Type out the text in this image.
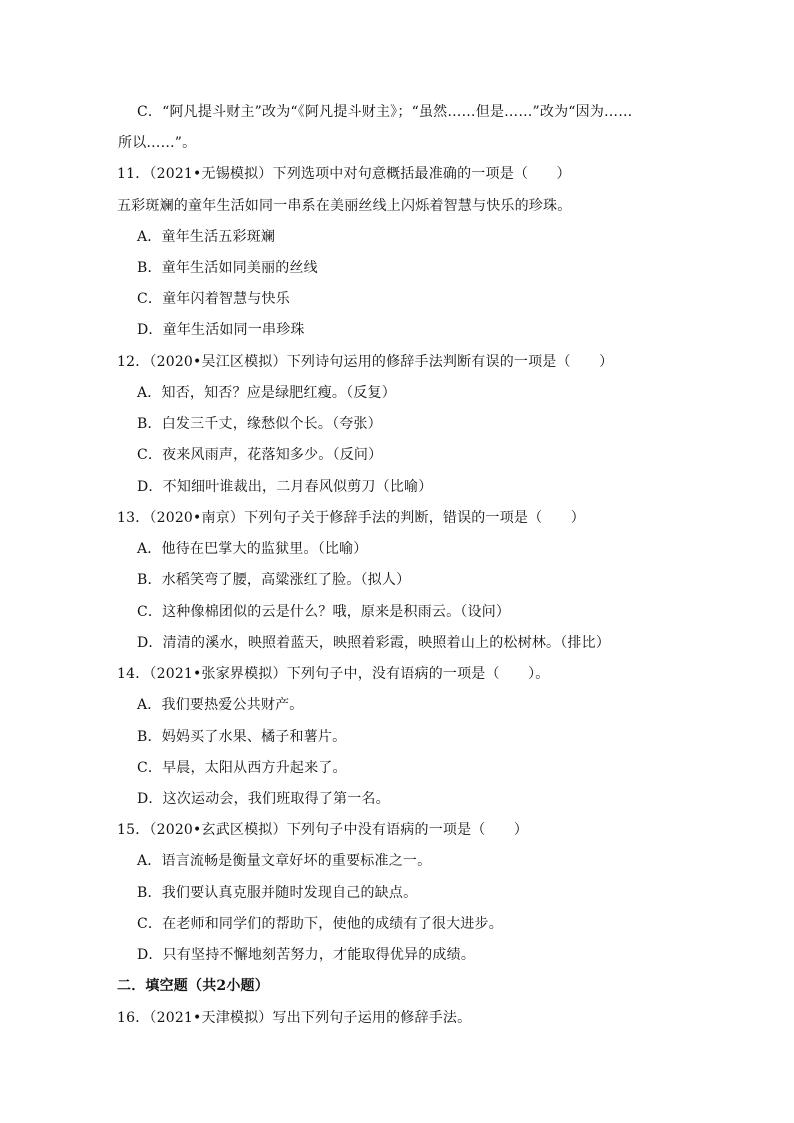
C．“阿凡提斗财主”改为“《阿凡提斗财主》；“虽然……但是……”改为“因为……
所以……”。
11．（2021•无锡模拟）下列选项中对句意概括最准确的一项是（　　）
五彩斑斓的童年生活如同一串系在美丽丝线上闪烁着智慧与快乐的珍珠。
A．童年生活五彩斑斓
B．童年生活如同美丽的丝线
C．童年闪着智慧与快乐
D．童年生活如同一串珍珠
12．（2020•吴江区模拟）下列诗句运用的修辞手法判断有误的一项是（　　）
A．知否，知否？应是绿肥红瘦。（反复）
B．白发三千丈，缘愁似个长。（夸张）
C．夜来风雨声，花落知多少。（反问）
D．不知细叶谁裁出，二月春风似剪刀（比喻）
13．（2020•南京）下列句子关于修辞手法的判断，错误的一项是（　　）
A．他待在巴掌大的监狱里。（比喻）
B．水稻笑弯了腰，高粱涨红了脸。（拟人）
C．这种像棉团似的云是什么？哦，原来是积雨云。（设问）
D．清清的溪水，映照着蓝天，映照着彩霞，映照着山上的松树林。（排比）
14．（2021•张家界模拟）下列句子中，没有语病的一项是（　　）。
A．我们要热爱公共财产。
B．妈妈买了水果、橘子和薯片。
C．早晨，太阳从西方升起来了。
D．这次运动会，我们班取得了第一名。
15．（2020•玄武区模拟）下列句子中没有语病的一项是（　　）
A．语言流畅是衡量文章好坏的重要标准之一。
B．我们要认真克服并随时发现自己的缺点。
C．在老师和同学们的帮助下，使他的成绩有了很大进步。
D．只有坚持不懈地刻苦努力，才能取得优异的成绩。
二．填空题（共2小题）
16．（2021•天津模拟）写出下列句子运用的修辞手法。
